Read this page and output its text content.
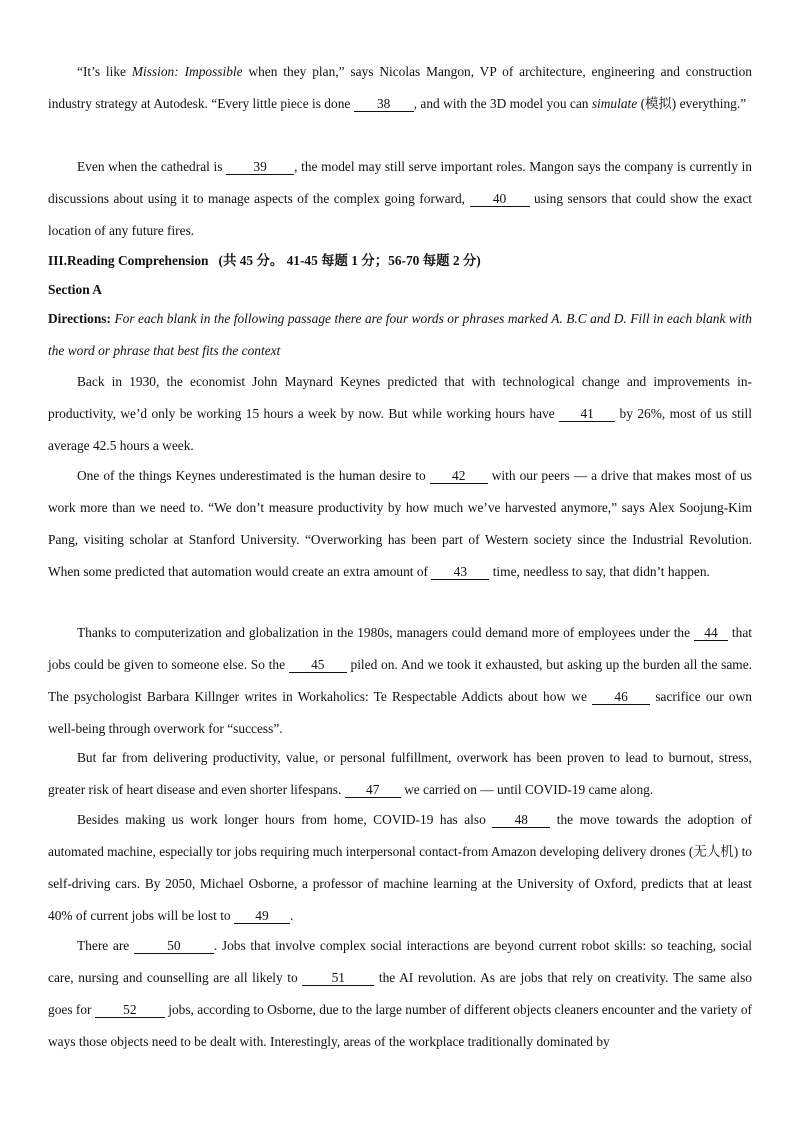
“It’s like Mission: Impossible when they plan,” says Nicolas Mangon, VP of architecture, engineering and construction industry strategy at Autodesk. “Every little piece is done 38 , and with the 3D model you can simulate (模拟) everything.”

Even when the cathedral is 39 , the model may still serve important roles. Mangon says the company is currently in discussions about using it to manage aspects of the complex going forward, 40 using sensors that could show the exact location of any future fires.

III.Reading Comprehension   (共 45 分。 41-45 每题 1 分；56-70 每题 2 分)

Section A

Directions: For each blank in the following passage there are four words or phrases marked A. B.C and D. Fill in each blank with the word or phrase that best fits the context

Back in 1930, the economist John Maynard Keynes predicted that with technological change and improvements in-productivity, we’d only be working 15 hours a week by now. But while working hours have 41 by 26%, most of us still average 42.5 hours a week.

One of the things Keynes underestimated is the human desire to 42 with our peers — a drive that makes most of us work more than we need to. “We don’t measure productivity by how much we’ve harvested anymore,” says Alex Soojung-Kim Pang, visiting scholar at Stanford University. “Overworking has been part of Western society since the Industrial Revolution. When some predicted that automation would create an extra amount of 43 time, needless to say, that didn’t happen.

Thanks to computerization and globalization in the 1980s, managers could demand more of employees under the 44 that jobs could be given to someone else. So the 45 piled on. And we took it exhausted, but asking up the burden all the same. The psychologist Barbara Killnger writes in Workaholics: Te Respectable Addicts about how we 46 sacrifice our own well-being through overwork for “success”.

But far from delivering productivity, value, or personal fulfillment, overwork has been proven to lead to burnout, stress, greater risk of heart disease and even shorter lifespans. 47 we carried on — until COVID-19 came along.

Besides making us work longer hours from home, COVID-19 has also 48 the move towards the adoption of automated machine, especially tor jobs requiring much interpersonal contact-from Amazon developing delivery drones (无人机) to self-driving cars. By 2050, Michael Osborne, a professor of machine learning at the University of Oxford, predicts that at least 40% of current jobs will be lost to 49 .

There are 50 . Jobs that involve complex social interactions are beyond current robot skills: so teaching, social care, nursing and counselling are all likely to 51 the AI revolution. As are jobs that rely on creativity. The same also goes for 52 jobs, according to Osborne, due to the large number of different objects cleaners encounter and the variety of ways those objects need to be dealt with. Interestingly, areas of the workplace traditionally dominated by
